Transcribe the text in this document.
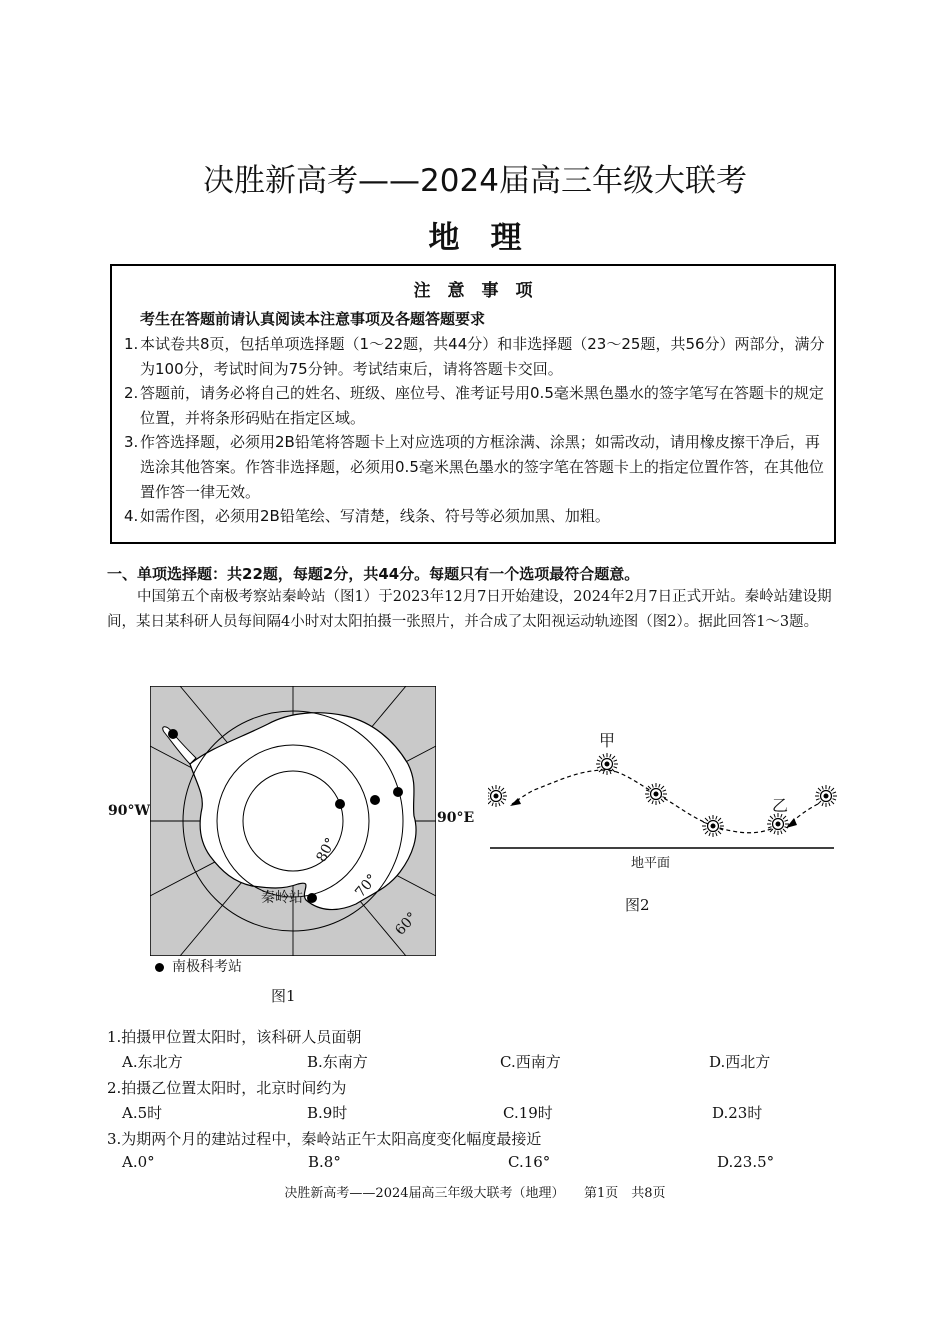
决胜新高考——2024届高三年级大联考
地　理
注　意　事　项
考生在答题前请认真阅读本注意事项及各题答题要求
1. 本试卷共8页，包括单项选择题（1～22题，共44分）和非选择题（23～25题，共56分）两部分，满分为100分，考试时间为75分钟。考试结束后，请将答题卡交回。
2. 答题前，请务必将自己的姓名、班级、座位号、准考证号用0.5毫米黑色墨水的签字笔写在答题卡的规定位置，并将条形码贴在指定区域。
3. 作答选择题，必须用2B铅笔将答题卡上对应选项的方框涂满、涂黑；如需改动，请用橡皮擦干净后，再选涂其他答案。作答非选择题，必须用0.5毫米黑色墨水的签字笔在答题卡上的指定位置作答，在其他位置作答一律无效。
4. 如需作图，必须用2B铅笔绘、写清楚，线条、符号等必须加黑、加粗。
一、单项选择题：共22题，每题2分，共44分。每题只有一个选项最符合题意。
中国第五个南极考察站秦岭站（图1）于2023年12月7日开始建设，2024年2月7日正式开站。秦岭站建设期间，某日某科研人员每间隔4小时对太阳拍摄一张照片，并合成了太阳视运动轨迹图（图2）。据此回答1～3题。
90°W	90°E
80°
70°
60°
秦岭站
南极科考站
图1
甲
乙
地平面
图2
1.拍摄甲位置太阳时，该科研人员面朝
A.东北方	B.东南方	C.西南方	D.西北方
2.拍摄乙位置太阳时，北京时间约为
A.5时	B.9时	C.19时	D.23时
3.为期两个月的建站过程中，秦岭站正午太阳高度变化幅度最接近
A.0°	B.8°	C.16°	D.23.5°
决胜新高考——2024届高三年级大联考（地理）　　第1页　共8页
